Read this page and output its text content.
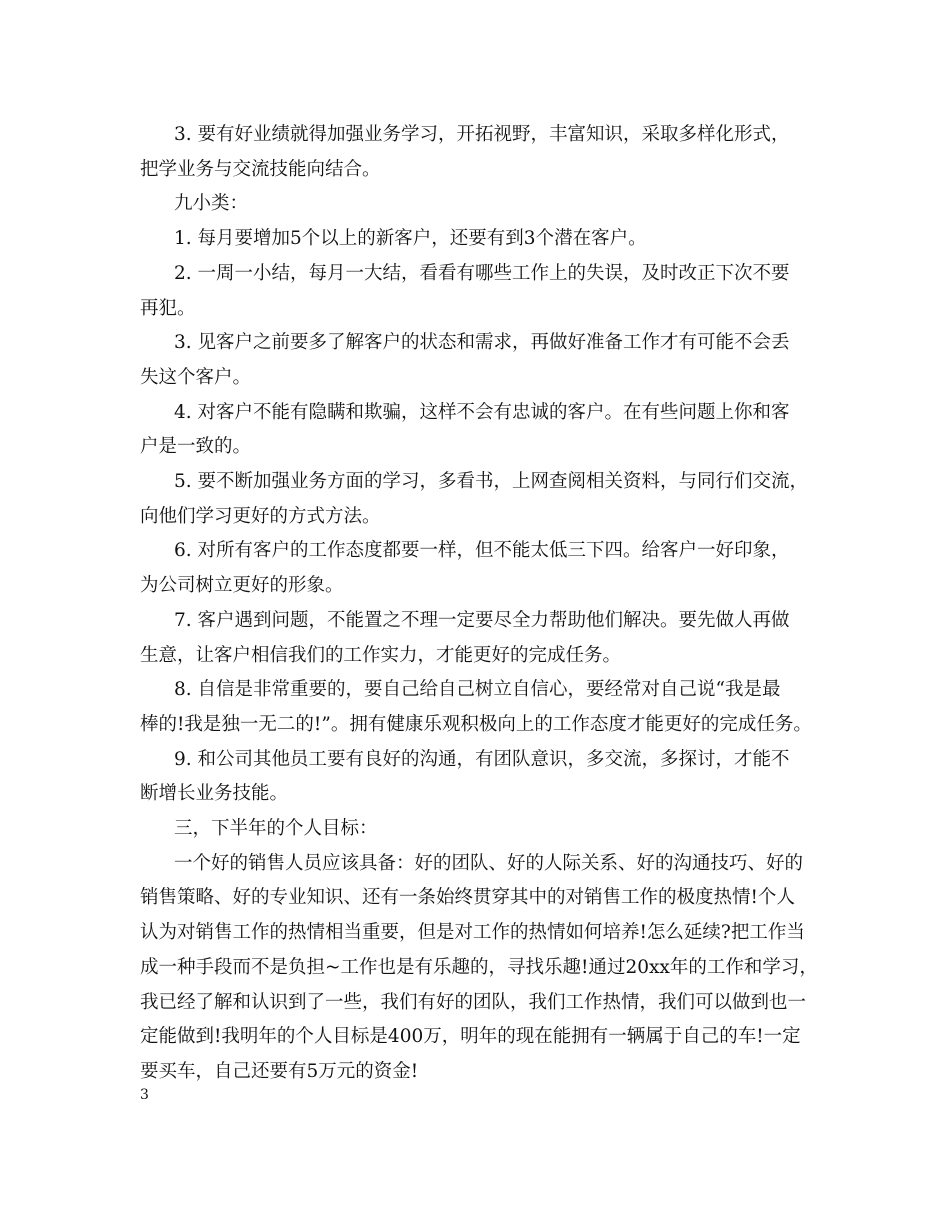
3. 要有好业绩就得加强业务学习，开拓视野，丰富知识，采取多样化形式，
把学业务与交流技能向结合。

九小类：

1. 每月要增加5个以上的新客户，还要有到3个潜在客户。

2. 一周一小结，每月一大结，看看有哪些工作上的失误，及时改正下次不要
再犯。

3. 见客户之前要多了解客户的状态和需求，再做好准备工作才有可能不会丢
失这个客户。

4. 对客户不能有隐瞒和欺骗，这样不会有忠诚的客户。在有些问题上你和客
户是一致的。

5. 要不断加强业务方面的学习，多看书，上网查阅相关资料，与同行们交流，
向他们学习更好的方式方法。

6. 对所有客户的工作态度都要一样，但不能太低三下四。给客户一好印象，
为公司树立更好的形象。

7. 客户遇到问题，不能置之不理一定要尽全力帮助他们解决。要先做人再做
生意，让客户相信我们的工作实力，才能更好的完成任务。

8. 自信是非常重要的，要自己给自己树立自信心，要经常对自己说“我是最
棒的!我是独一无二的!”。拥有健康乐观积极向上的工作态度才能更好的完成任务。

9. 和公司其他员工要有良好的沟通，有团队意识，多交流，多探讨，才能不
断增长业务技能。

三，下半年的个人目标：

一个好的销售人员应该具备：好的团队、好的人际关系、好的沟通技巧、好的
销售策略、好的专业知识、还有一条始终贯穿其中的对销售工作的极度热情!个人
认为对销售工作的热情相当重要，但是对工作的热情如何培养!怎么延续?把工作当
成一种手段而不是负担~工作也是有乐趣的，寻找乐趣!通过20xx年的工作和学习，
我已经了解和认识到了一些，我们有好的团队，我们工作热情，我们可以做到也一
定能做到!我明年的个人目标是400万，明年的现在能拥有一辆属于自己的车!一定
要买车，自己还要有5万元的资金!

3
